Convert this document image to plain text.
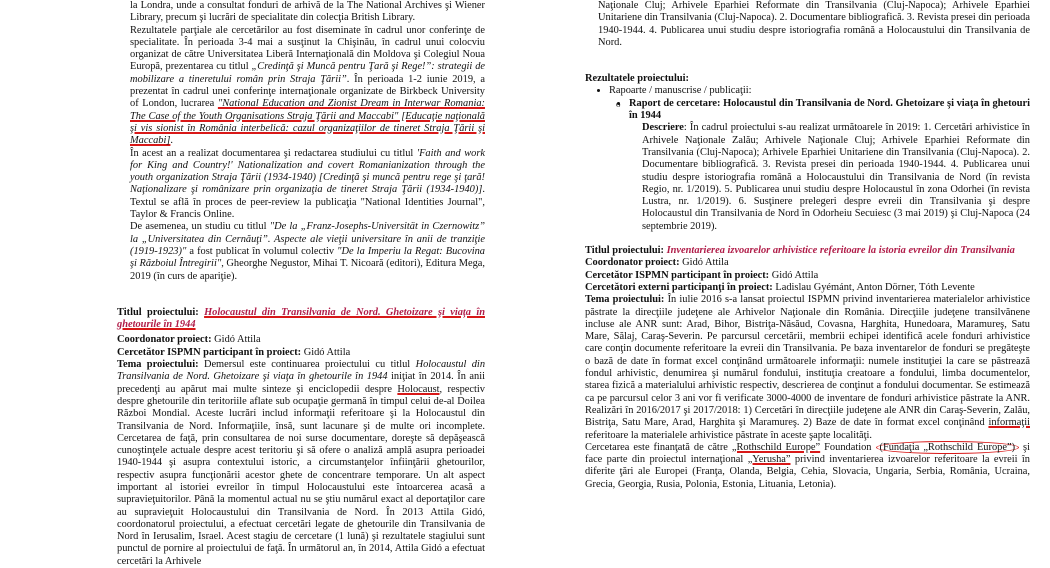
la Londra, unde a consultat fonduri de arhivă de la The National Archives şi Wiener Library, precum şi lucrări de specialitate din colecţia British Library.

Rezultatele parţiale ale cercetărilor au fost diseminate în cadrul unor conferinţe de specialitate. În perioada 3-4 mai a susţinut la Chişinău, în cadrul unui colocviu organizat de către Universitatea Liberă Internaţională din Moldova şi Colegiul Noua Europă, prezentarea cu titlul „Credinţă şi Muncă pentru Ţară şi Rege!”: strategii de mobilizare a tineretului român prin Straja Ţării”. În perioada 1-2 iunie 2019, a prezentat în cadrul unei conferinţe internaţionale organizate de Birkbeck University of London, lucrarea "National Education and Zionist Dream in Interwar Romania: The Case of the Youth Organisations Straja Ţării and Maccabi" [Educaţie naţională şi vis sionist în România interbelică: cazul organizaţiilor de tineret Straja Ţării şi Maccabi].

În acest an a realizat documentarea şi redactarea studiului cu titlul 'Faith and work for King and Country!' Nationalization and covert Romanianization through the youth organization Straja Ţării (1934-1940) [Credinţă şi muncă pentru rege şi ţară! Naţionalizare şi românizare prin organizaţia de tineret Straja Ţării (1934-1940)]. Textul se află în proces de peer-review la publicaţia "National Identities Journal", Taylor & Francis Online.

De asemenea, un studiu cu titlul "De la „Franz-Josephs-Universität in Czernowitz” la „Universitatea din Cernăuţi”. Aspecte ale vieţii universitare în anii de tranziţie (1919-1923)" a fost publicat în volumul colectiv "De la Imperiu la Regat: Bucovina şi Războiul Întregirii", Gheorghe Negustor, Mihai T. Nicoară (editori), Editura Mega, 2019 (în curs de apariţie).

Titlul proiectului: Holocaustul din Transilvania de Nord. Ghetoizare şi viaţa în ghetourile în 1944

Coordonator proiect: Gidó Attila

Cercetător ISPMN participant în proiect: Gidó Attila

Tema proiectului: Demersul este continuarea proiectului cu titlul Holocaustul din Transilvania de Nord. Ghetoizare şi viaţa în ghetourile în 1944 iniţiat în 2014. În anii precedenţi au apărut mai multe sinteze şi enciclopedii despre Holocaust, respectiv despre ghetourile din teritoriile aflate sub ocupaţie germană în timpul celui de-al Doilea Război Mondial. Aceste lucrări includ informaţii referitoare şi la Holocaustul din Transilvania de Nord. Informaţiile, însă, sunt lacunare şi de multe ori incomplete. Cercetarea de faţă, prin consultarea de noi surse documentare, doreşte să depăşească cunoştinţele actuale despre acest teritoriu şi să ofere o analiză amplă asupra perioadei 1940-1944 şi asupra contextului istoric, a circumstanţelor înfiinţării ghetourilor, respectiv asupra funcţionării acestor ghete de concentrare temporare. Un alt aspect important al istoriei evreilor în timpul Holocaustului este întoarcerea acasă a supravieţuitorilor. Până la momentul actual nu se ştiu numărul exact al deportaţilor care au supravieţuit Holocaustului din Transilvania de Nord. În 2013 Attila Gidó, coordonatorul proiectului, a efectuat cercetări legate de ghetourile din Transilvania de Nord în Ierusalim, Israel. Acest stagiu de cercetare (1 lună) şi rezultatele stagiului sunt punctul de pornire al proiectului de faţă. În următorul an, în 2014, Attila Gidó a efectuat cercetări la Arhivele

Naţionale Cluj; Arhivele Eparhiei Reformate din Transilvania (Cluj-Napoca); Arhivele Eparhiei Unitariene din Transilvania (Cluj-Napoca). 2. Documentare bibliografică. 3. Revista presei din perioada 1940-1944. 4. Publicarea unui studiu despre istoriografia română a Holocaustului din Transilvania de Nord.

Rezultatele proiectului:

• Rapoarte / manuscrise / publicaţii:

o • Raport de cercetare: Holocaustul din Transilvania de Nord. Ghetoizare şi viaţa în ghetouri în 1944

Descriere: În cadrul proiectului s-au realizat următoarele în 2019: 1. Cercetări arhivistice în Arhivele Naţionale Zalău; Arhivele Naţionale Cluj; Arhivele Eparhiei Reformate din Transilvania (Cluj-Napoca); Arhivele Eparhiei Unitariene din Transilvania (Cluj-Napoca). 2. Documentare bibliografică. 3. Revista presei din perioada 1940-1944. 4. Publicarea unui studiu despre istoriografia română a Holocaustului din Transilvania de Nord (în revista Regio, nr. 1/2019). 5. Publicarea unui studiu despre Holocaustul în zona Odorhei (în revista Lustra, nr. 1/2019). 6. Susţinere prelegeri despre evreii din Transilvania şi despre Holocaustul din Transilvania de Nord în Odorheiu Secuiesc (3 mai 2019) şi Cluj-Napoca (24 septembrie 2019).

Titlul proiectului: Inventarierea izvoarelor arhivistice referitoare la istoria evreilor din Transilvania

Coordonator proiect: Gidó Attila

Cercetător ISPMN participant în proiect: Gidó Attila

Cercetători externi participanţi în proiect: Ladislau Gyémánt, Anton Dörner, Tóth Levente

Tema proiectului: În iulie 2016 s-a lansat proiectul ISPMN privind inventarierea materialelor arhivistice păstrate la direcţiile judeţene ale Arhivelor Naţionale din România. Direcţiile judeţene transilvănene incluse ale ANR sunt: Arad, Bihor, Bistriţa-Năsăud, Covasna, Harghita, Hunedoara, Maramureş, Satu Mare, Sălaj, Caraş-Severin. Pe parcursul cercetării, membrii echipei identifică acele fonduri arhivistice care conţin documente referitoare la evreii din Transilvania. Pe baza inventarelor de fonduri se pregăteşte o bază de date în format excel conţinând următoarele informaţii: numele instituţiei la care se păstrează fondul arhivistic, denumirea şi numărul fondului, instituţia creatoare a fondului, limba documentelor, starea fizică a materialului arhivistic respectiv, descrierea de conţinut a fondului documentar. Se estimează ca pe parcursul celor 3 ani vor fi verificate 3000-4000 de inventare de fonduri arhivistice păstrate la ANR. Realizări în 2016/2017 şi 2017/2018: 1) Cercetări în direcţiile judeţene ale ANR din Caraş-Severin, Zalău, Bistriţa, Satu Mare, Arad, Harghita şi Maramureş. 2) Baze de date în format excel conţinând informaţii referitoare la materialele arhivistice păstrate în aceste şapte localităţi.

Cercetarea este finanţată de către „Rothschild Europe” Foundation (Fundaţia „Rothschild Europe”) şi face parte din proiectul internaţional „Yerusha” privind inventarierea izvoarelor referitoare la evreii în diferite ţări ale Europei (Franţa, Olanda, Belgia, Cehia, Slovacia, Ungaria, Serbia, România, Ucraina, Grecia, Georgia, Rusia, Polonia, Estonia, Lituania, Letonia).
